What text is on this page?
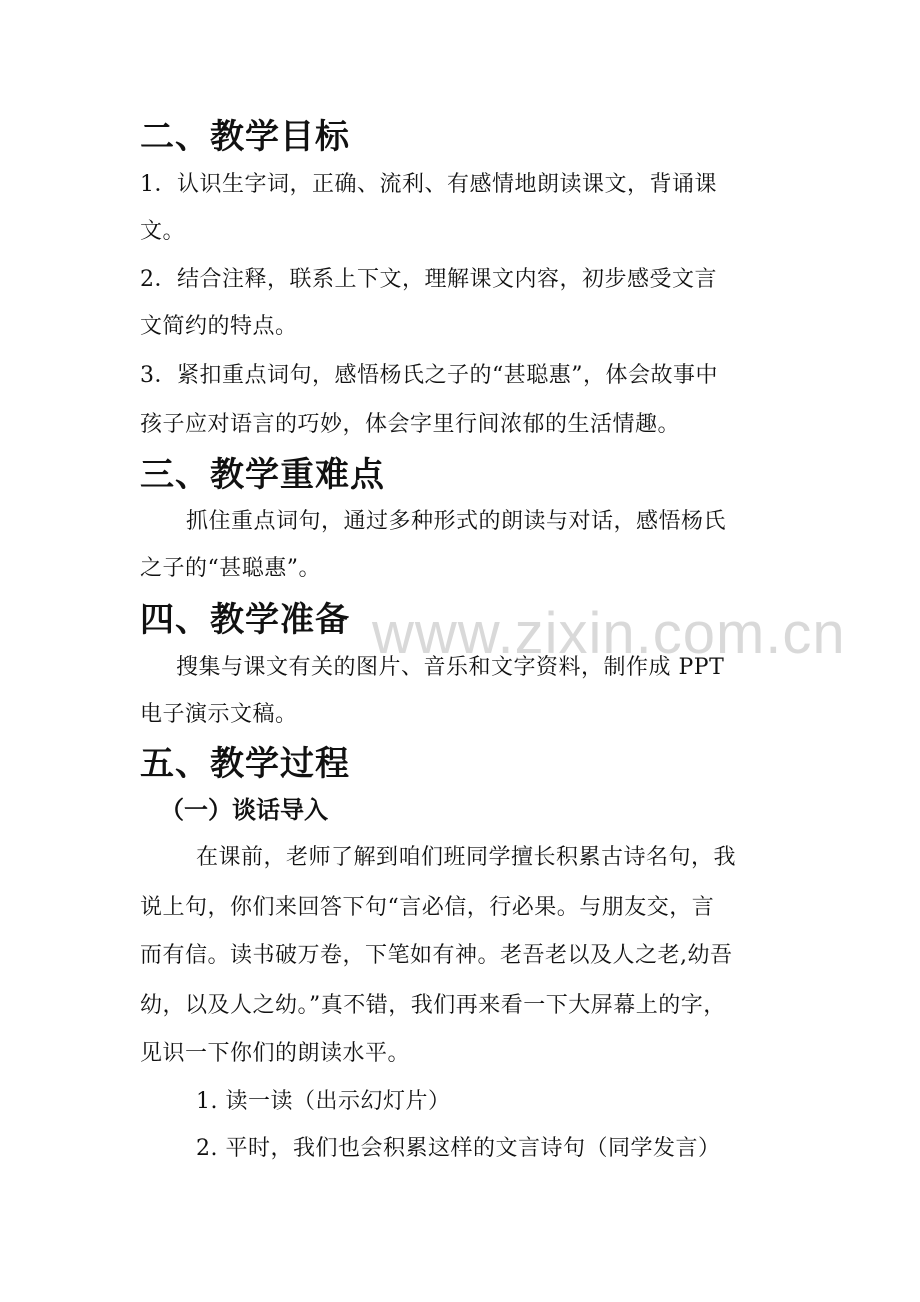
www.zixin.com.cn
二、教学目标
1．认识生字词，正确、流利、有感情地朗读课文，背诵课
文。
2．结合注释，联系上下文，理解课文内容，初步感受文言
文简约的特点。
3．紧扣重点词句，感悟杨氏之子的“甚聪惠”，体会故事中
孩子应对语言的巧妙，体会字里行间浓郁的生活情趣。
三、教学重难点
抓住重点词句，通过多种形式的朗读与对话，感悟杨氏
之子的“甚聪惠”。
四、教学准备
搜集与课文有关的图片、音乐和文字资料，制作成 PPT
电子演示文稿。
五、教学过程
（一）谈话导入
在课前，老师了解到咱们班同学擅长积累古诗名句，我
说上句，你们来回答下句“言必信，行必果。与朋友交，言
而有信。读书破万卷，下笔如有神。老吾老以及人之老,幼吾
幼，以及人之幼。”真不错，我们再来看一下大屏幕上的字，
见识一下你们的朗读水平。
1. 读一读（出示幻灯片）
2. 平时，我们也会积累这样的文言诗句（同学发言）
